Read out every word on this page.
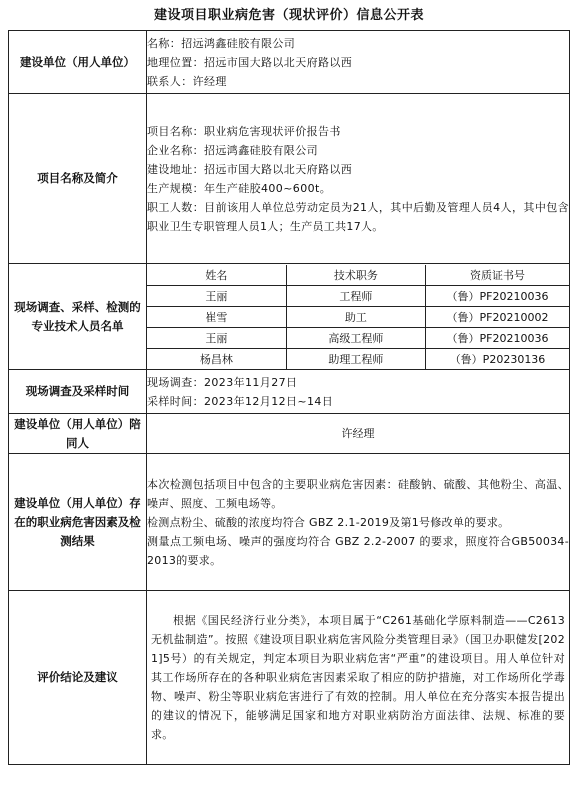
建设项目职业病危害（现状评价）信息公开表
建设单位（用人单位）	
名称：招远鸿鑫硅胶有限公司
地理位置：招远市国大路以北天府路以西
联系人：许经理

项目名称及简介	
项目名称：职业病危害现状评价报告书
企业名称：招远鸿鑫硅胶有限公司
建设地址：招远市国大路以北天府路以西
生产规模：年生产硅胶400~600t。
职工人数：目前该用人单位总劳动定员为21人，其中后勤及管理人员4人，其中包含职业卫生专职管理人员1人；生产员工共17人。

现场调查、采样、检测的专业技术人员名单	
姓名	技术职务	资质证书号
王丽	工程师	（鲁）PF20210036
崔雪	助工	（鲁）PF20210002
王丽	高级工程师	（鲁）PF20210036
杨昌林	助理工程师	（鲁）P20230136

现场调查及采样时间	
现场调查：2023年11月27日
采样时间：2023年12月12日~14日

建设单位（用人单位）陪同人	许经理
建设单位（用人单位）存在的职业病危害因素及检测结果	
本次检测包括项目中包含的主要职业病危害因素：硅酸钠、硫酸、其他粉尘、高温、噪声、照度、工频电场等。
检测点粉尘、硫酸的浓度均符合 GBZ 2.1-2019及第1号修改单的要求。
测量点工频电场、噪声的强度均符合 GBZ 2.2-2007 的要求，照度符合GB50034-2013的要求。

评价结论及建议	
根据《国民经济行业分类》，本项目属于“C261基础化学原料制造——C2613无机盐制造”。按照《建设项目职业病危害风险分类管理目录》（国卫办职健发[2021]5号）的有关规定，判定本项目为职业病危害“严重”的建设项目。用人单位针对其工作场所存在的各种职业病危害因素采取了相应的防护措施，对工作场所化学毒物、噪声、粉尘等职业病危害进行了有效的控制。用人单位在充分落实本报告提出的建议的情况下，能够满足国家和地方对职业病防治方面法律、法规、标准的要求。
